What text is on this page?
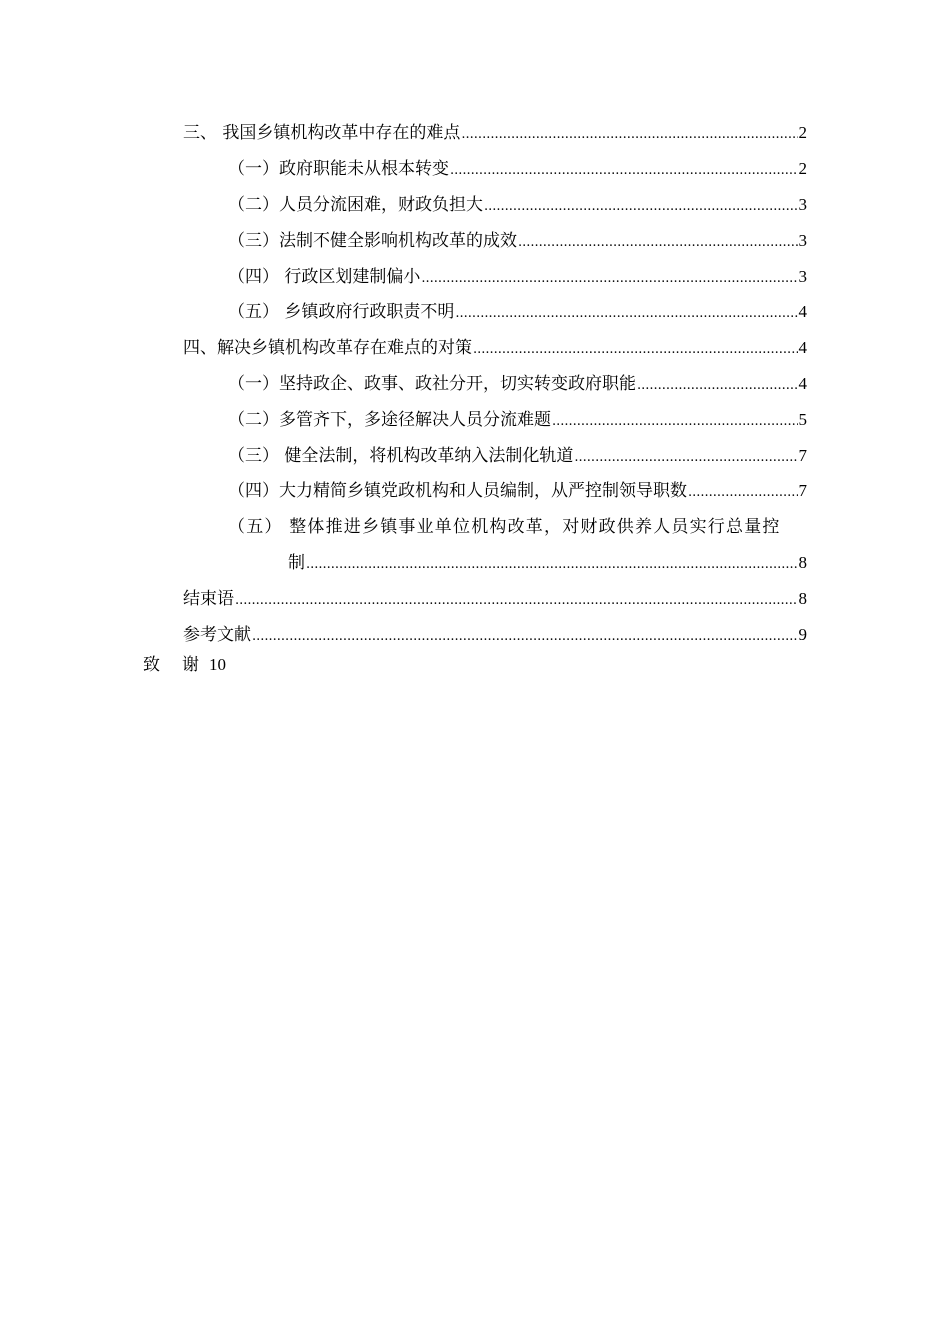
三、 我国乡镇机构改革中存在的难点 .....	2
（一）政府职能未从根本转变 .....	2
（二）人员分流困难，财政负担大 .....	3
（三）法制不健全影响机构改革的成效 .....	3
（四） 行政区划建制偏小 .....	3
（五） 乡镇政府行政职责不明 .....	4
四、解决乡镇机构改革存在难点的对策 .....	4
（一）坚持政企、政事、政社分开，切实转变政府职能 .....	4
（二）多管齐下，多途径解决人员分流难题 .....	5
（三） 健全法制，将机构改革纳入法制化轨道 .....	7
（四）大力精简乡镇党政机构和人员编制，从严控制领导职数 .....	7
（五） 整体推进乡镇事业单位机构改革，对财政供养人员实行总量控
制 .....	8
结束语 .....	8
参考文献 .....	9
致 谢 10
